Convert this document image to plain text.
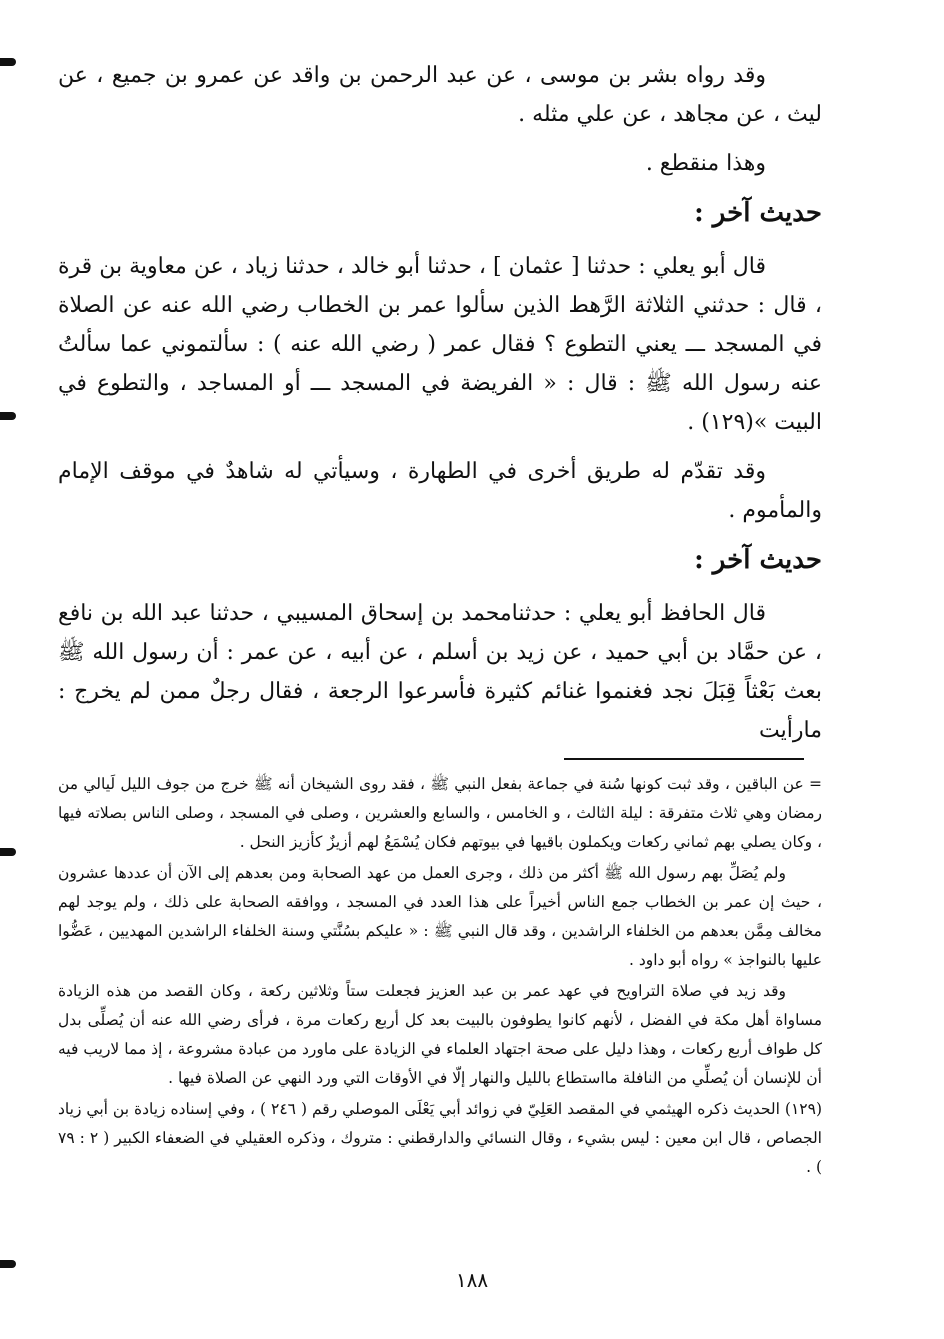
وقد رواه بشر بن موسى ، عن عبد الرحمن بن واقد عن عمرو بن جميع ، عن ليث ، عن مجاهد ، عن علي مثله .

وهذا منقطع .

حديث آخر :

قال أبو يعلي : حدثنا [ عثمان ] ، حدثنا أبو خالد ، حدثنا زياد ، عن معاوية بن قرة ، قال : حدثني الثلاثة الرَّهط الذين سألوا عمر بن الخطاب رضي الله عنه عن الصلاة في المسجد ـــ يعني التطوع ؟ فقال عمر ( رضي الله عنه ) : سألتموني عما سألتُ عنه رسول الله ﷺ : قال : « الفريضة في المسجد ـــ أو المساجد ، والتطوع في البيت »(١٢٩) .

وقد تقدّم له طريق أخرى في الطهارة ، وسيأتي له شاهدٌ في موقف الإمام والمأموم .

حديث آخر :

قال الحافظ أبو يعلي : حدثنامحمد بن إسحاق المسيبي ، حدثنا عبد الله بن نافع ، عن حمَّاد بن أبي حميد ، عن زيد بن أسلم ، عن أبيه ، عن عمر : أن رسول الله ﷺ بعث بَعْثاً قِبَلَ نجد فغنموا غنائم كثيرة فأسرعوا الرجعة ، فقال رجلٌ ممن لم يخرج : مارأيت

= عن الباقين ، وقد ثبت كونها سُنة في جماعة بفعل النبي ﷺ ، فقد روى الشيخان أنه ﷺ خرج من جوف الليل لَيالي من رمضان وهي ثلاث متفرقة : ليلة الثالث ، و الخامس ، والسابع والعشرين ، وصلى في المسجد ، وصلى الناس بصلاته فيها ، وكان يصلي بهم ثماني ركعات ويكملون باقيها في بيوتهم فكان يُسْمَعُ لهم أزيزٌ كأزيز النحل .

ولم يُصَلِّ بهم رسول الله ﷺ أكثر من ذلك ، وجرى العمل من عهد الصحابة ومن بعدهم إلى الآن أن عددها عشرون ، حيث إن عمر بن الخطاب جمع الناس أخيراً على هذا العدد في المسجد ، ووافقه الصحابة على ذلك ، ولم يوجد لهم مخالف مِمَّن بعدهم من الخلفاء الراشدين ، وقد قال النبي ﷺ : « عليكم بسُنَّتي وسنة الخلفاء الراشدين المهديين ، عَضُّوا عليها بالنواجذ » رواه أبو داود .

وقد زيد في صلاة التراويح في عهد عمر بن عبد العزيز فجعلت ستاً وثلاثين ركعة ، وكان القصد من هذه الزيادة مساواة أهل مكة في الفضل ، لأنهم كانوا يطوفون بالبيت بعد كل أربع ركعات مرة ، فرأى رضي الله عنه أن يُصلِّى بدل كل طواف أربع ركعات ، وهذا دليل على صحة اجتهاد العلماء في الزيادة على ماورد من عبادة مشروعة ، إذ مما لاريب فيه أن للإنسان أن يُصلِّي من النافلة مااستطاع بالليل والنهار إلّا في الأوقات التي ورد النهي عن الصلاة فيها .

(١٢٩) الحديث ذكره الهيثمي في المقصد العَلِيّ في زوائد أبي يَعْلَى الموصلي رقم ( ٢٤٦ ) ، وفي إسناده زيادة بن أبي زياد الجصاص ، قال ابن معين : ليس بشيء ، وقال النسائي والدارقطني : متروك ، وذكره العقيلي في الضعفاء الكبير ( ٢ : ٧٩ ) .

١٨٨
